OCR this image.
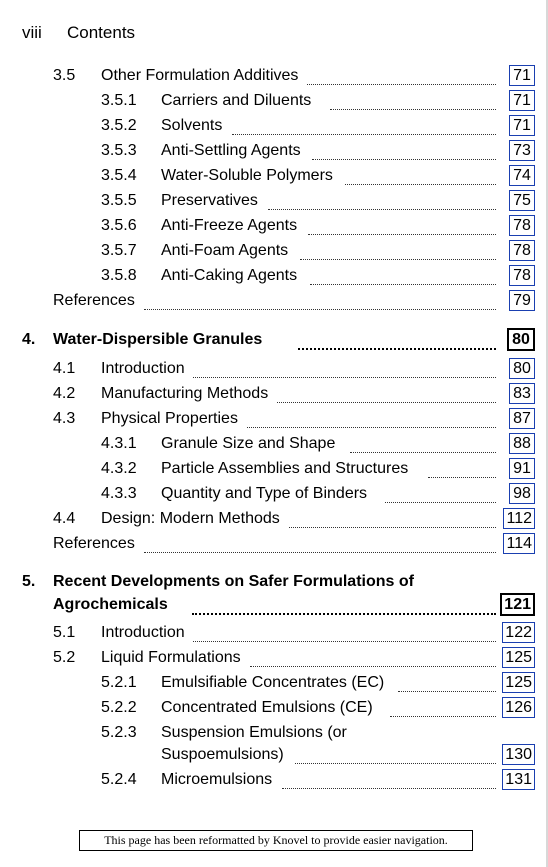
viii Contents
3.5 Other Formulation Additives	71
3.5.1 Carriers and Diluents	71
3.5.2 Solvents	71
3.5.3 Anti-Settling Agents	73
3.5.4 Water-Soluble Polymers	74
3.5.5 Preservatives	75
3.5.6 Anti-Freeze Agents	78
3.5.7 Anti-Foam Agents	78
3.5.8 Anti-Caking Agents	78
References	79
4. Water-Dispersible Granules	80
4.1 Introduction	80
4.2 Manufacturing Methods	83
4.3 Physical Properties	87
4.3.1 Granule Size and Shape	88
4.3.2 Particle Assemblies and Structures	91
4.3.3 Quantity and Type of Binders	98
4.4 Design: Modern Methods	112
References	114
5. Recent Developments on Safer Formulations of
Agrochemicals	121
5.1 Introduction	122
5.2 Liquid Formulations	125
5.2.1 Emulsifiable Concentrates (EC)	125
5.2.2 Concentrated Emulsions (CE)	126
5.2.3 Suspension Emulsions (or
Suspoemulsions)	130
5.2.4 Microemulsions	131
This page has been reformatted by Knovel to provide easier navigation.
